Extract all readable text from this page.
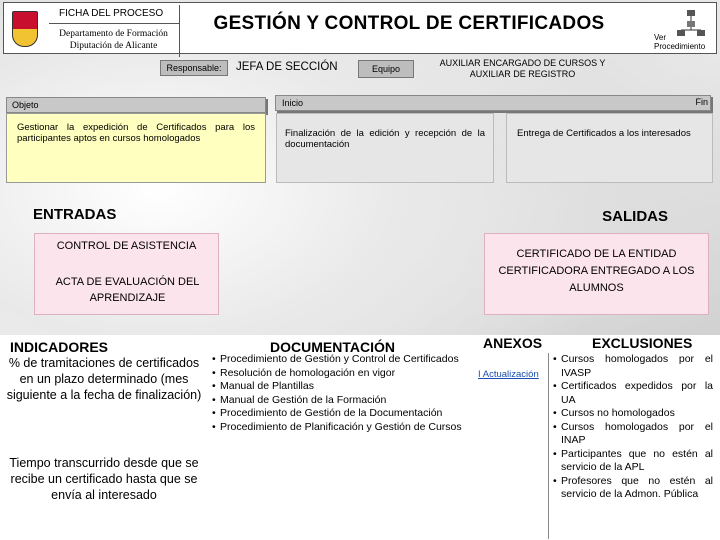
FICHA DEL PROCESO
Departamento de Formación
Diputación de Alicante
GESTIÓN Y CONTROL DE CERTIFICADOS
Ver
Procedimiento
Responsable:	JEFA DE SECCIÓN	Equipo
AUXILIAR ENCARGADO DE CURSOS Y AUXILIAR DE REGISTRO
Objeto	Inicio	Fin
Gestionar la expedición de Certificados para los participantes aptos en cursos homologados	Finalización de la edición y recepción de la documentación
Entrega de Certificados a los interesados
ENTRADAS	SALIDAS
CONTROL DE ASISTENCIA
ACTA DE EVALUACIÓN DEL APRENDIZAJE
CERTIFICADO DE LA ENTIDAD CERTIFICADORA ENTREGADO A LOS ALUMNOS
INDICADORES	DOCUMENTACIÓN	ANEXOS	EXCLUSIONES
% de tramitaciones de certificados en un plazo determinado (mes siguiente a la fecha de finalización)
Tiempo transcurrido desde que se recibe un certificado hasta que se envía al interesado
• Procedimiento de Gestión y Control de Certificados
• Resolución de homologación en vigor
• Manual de Plantillas
• Manual de Gestión de la Formación
• Procedimiento de Gestión de la Documentación
• Procedimiento de Planificación y Gestión de Cursos
I Actualización
• Cursos homologados por el IVASP
• Certificados expedidos por la UA
• Cursos no homologados
• Cursos homologados por el INAP
• Participantes que no estén al servicio de la APL
• Profesores que no estén al servicio de la Admon. Pública
